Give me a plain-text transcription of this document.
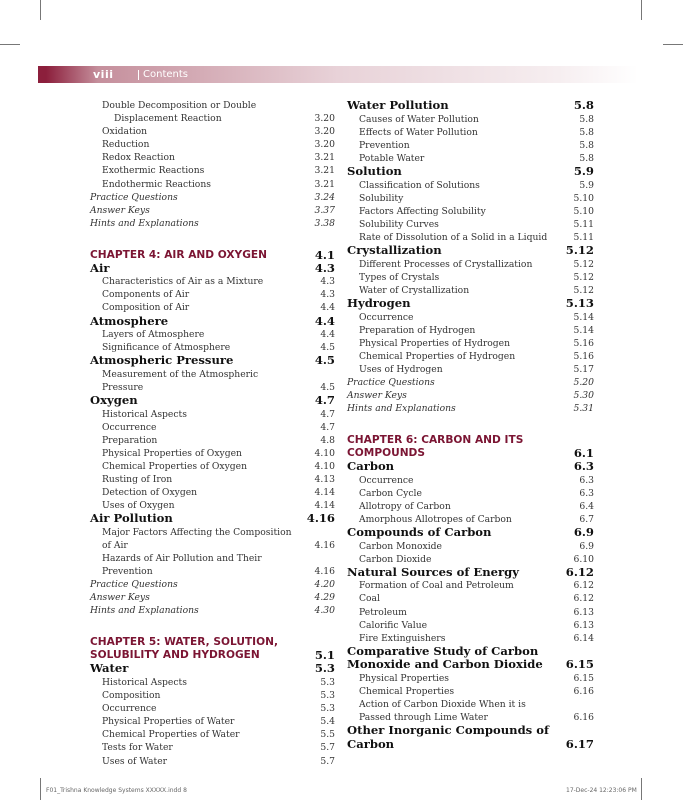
viii	Contents
Double Decomposition or Double
Displacement Reaction	3.20
Oxidation	3.20
Reduction	3.20
Redox Reaction	3.21
Exothermic Reactions	3.21
Endothermic Reactions	3.21
Practice Questions	3.24
Answer Keys	3.37
Hints and Explanations	3.38
CHAPTER 4: AIR AND OXYGEN	4.1
Air	4.3
Characteristics of Air as a Mixture	4.3
Components of Air	4.3
Composition of Air	4.4
Atmosphere	4.4
Layers of Atmosphere	4.4
Significance of Atmosphere	4.5
Atmospheric Pressure	4.5
Measurement of the Atmospheric Pressure	4.5
Oxygen	4.7
Historical Aspects	4.7
Occurrence	4.7
Preparation	4.8
Physical Properties of Oxygen	4.10
Chemical Properties of Oxygen	4.10
Rusting of Iron	4.13
Detection of Oxygen	4.14
Uses of Oxygen	4.14
Air Pollution	4.16
Major Factors Affecting the Composition of Air	4.16
Hazards of Air Pollution and Their Prevention	4.16
Practice Questions	4.20
Answer Keys	4.29
Hints and Explanations	4.30
CHAPTER 5: WATER, SOLUTION, SOLUBILITY AND HYDROGEN	5.1
Water	5.3
Historical Aspects	5.3
Composition	5.3
Occurrence	5.3
Physical Properties of Water	5.4
Chemical Properties of Water	5.5
Tests for Water	5.7
Uses of Water	5.7
Water Pollution	5.8
Causes of Water Pollution	5.8
Effects of Water Pollution	5.8
Prevention	5.8
Potable Water	5.8
Solution	5.9
Classification of Solutions	5.9
Solubility	5.10
Factors Affecting Solubility	5.10
Solubility Curves	5.11
Rate of Dissolution of a Solid in a Liquid	5.11
Crystallization	5.12
Different Processes of Crystallization	5.12
Types of Crystals	5.12
Water of Crystallization	5.12
Hydrogen	5.13
Occurrence	5.14
Preparation of Hydrogen	5.14
Physical Properties of Hydrogen	5.16
Chemical Properties of Hydrogen	5.16
Uses of Hydrogen	5.17
Practice Questions	5.20
Answer Keys	5.30
Hints and Explanations	5.31
CHAPTER 6: CARBON AND ITS COMPOUNDS	6.1
Carbon	6.3
Occurrence	6.3
Carbon Cycle	6.3
Allotropy of Carbon	6.4
Amorphous Allotropes of Carbon	6.7
Compounds of Carbon	6.9
Carbon Monoxide	6.9
Carbon Dioxide	6.10
Natural Sources of Energy	6.12
Formation of Coal and Petroleum	6.12
Coal	6.12
Petroleum	6.13
Calorific Value	6.13
Fire Extinguishers	6.14
Comparative Study of Carbon Monoxide and Carbon Dioxide	6.15
Physical Properties	6.15
Chemical Properties	6.16
Action of Carbon Dioxide When it is Passed through Lime Water	6.16
Other Inorganic Compounds of Carbon	6.17
F01_Trishna Knowledge Systems XXXXX.indd 8	17-Dec-24 12:23:06 PM
